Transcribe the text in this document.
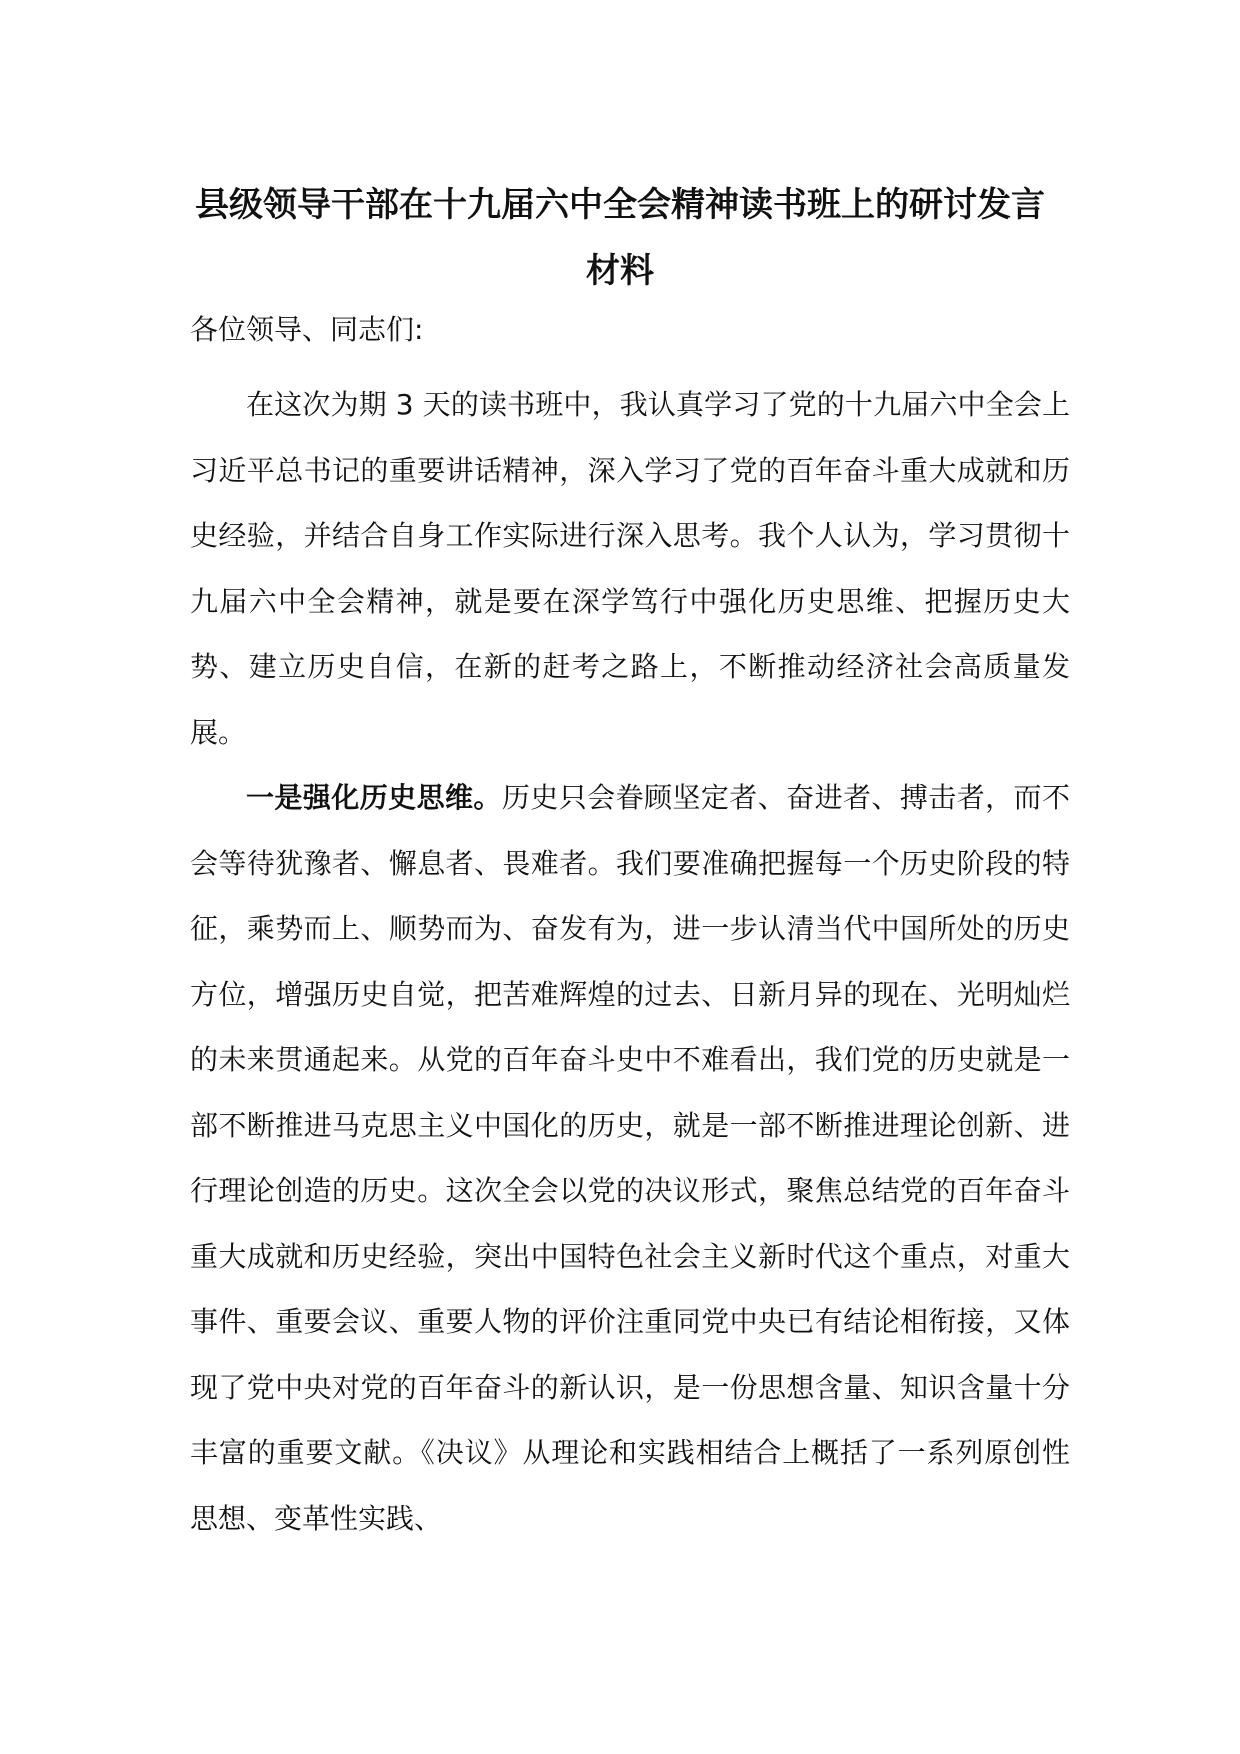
县级领导干部在十九届六中全会精神读书班上的研讨发言材料

各位领导、同志们:

在这次为期 3 天的读书班中，我认真学习了党的十九届六中全会上习近平总书记的重要讲话精神，深入学习了党的百年奋斗重大成就和历史经验，并结合自身工作实际进行深入思考。我个人认为，学习贯彻十九届六中全会精神，就是要在深学笃行中强化历史思维、把握历史大势、建立历史自信，在新的赶考之路上，不断推动经济社会高质量发展。

一是强化历史思维。历史只会眷顾坚定者、奋进者、搏击者，而不会等待犹豫者、懈息者、畏难者。我们要准确把握每一个历史阶段的特征，乘势而上、顺势而为、奋发有为，进一步认清当代中国所处的历史方位，增强历史自觉，把苦难辉煌的过去、日新月异的现在、光明灿烂的未来贯通起来。从党的百年奋斗史中不难看出，我们党的历史就是一部不断推进马克思主义中国化的历史，就是一部不断推进理论创新、进行理论创造的历史。这次全会以党的决议形式，聚焦总结党的百年奋斗重大成就和历史经验，突出中国特色社会主义新时代这个重点，对重大事件、重要会议、重要人物的评价注重同党中央已有结论相衔接，又体现了党中央对党的百年奋斗的新认识，是一份思想含量、知识含量十分丰富的重要文献。《决议》从理论和实践相结合上概括了一系列原创性思想、变革性实践、
